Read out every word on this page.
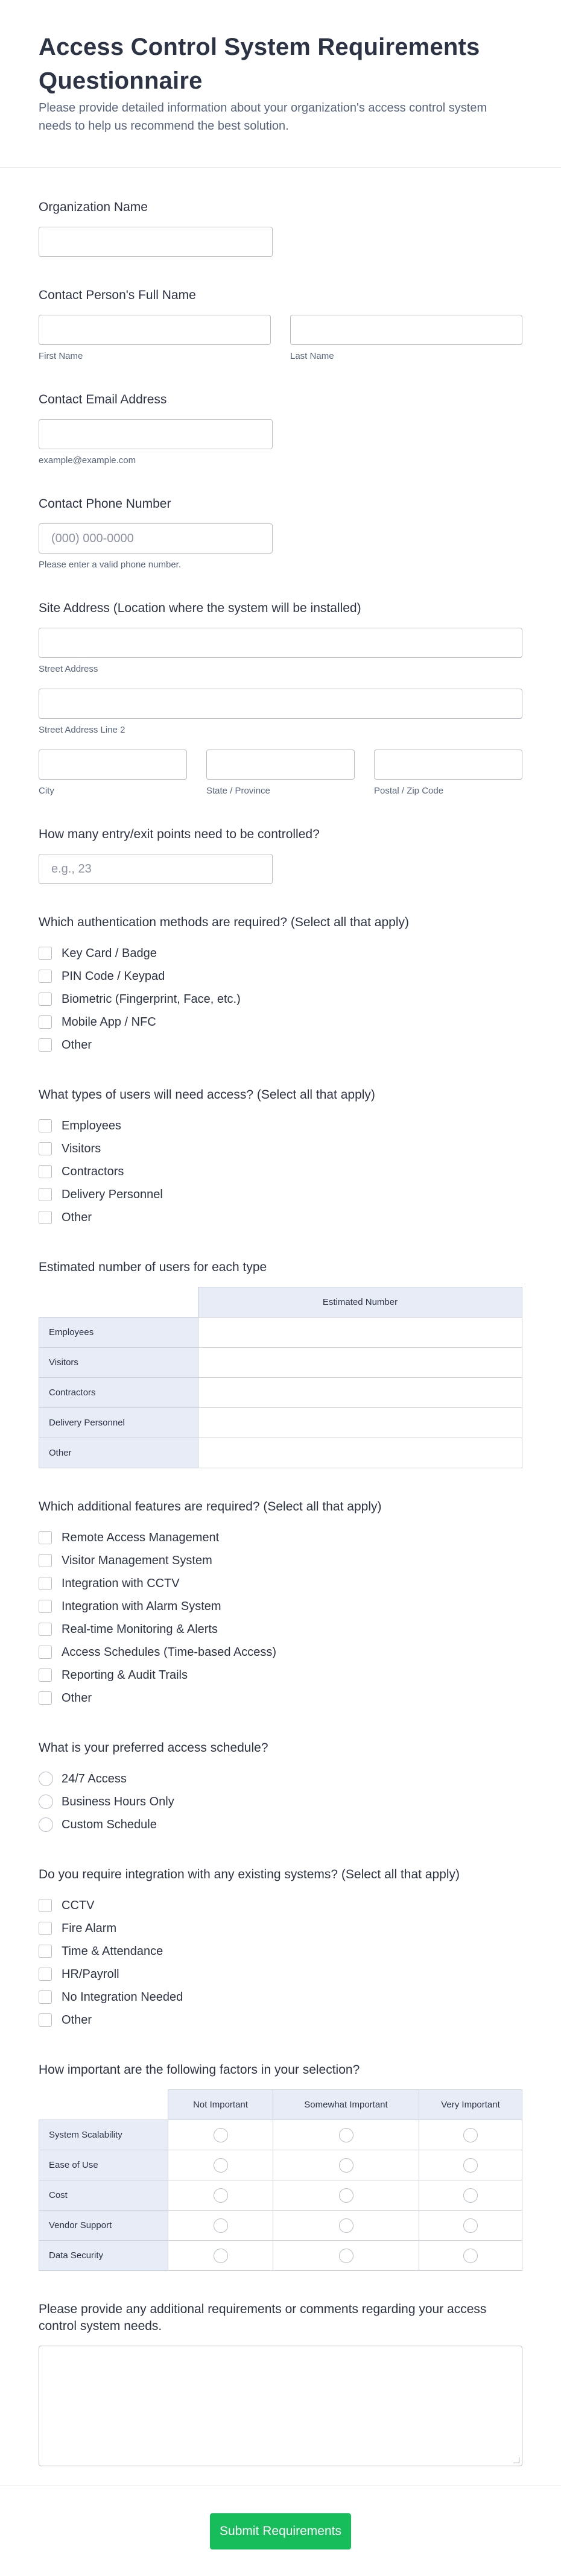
Access Control System Requirements Questionnaire

Please provide detailed information about your organization's access control system needs to help us recommend the best solution.

Organization Name
Contact Person's Full Name
First Name	Last Name
Contact Email Address
example@example.com
Contact Phone Number
(000) 000-0000
Please enter a valid phone number.
Site Address (Location where the system will be installed)
Street Address
Street Address Line 2
City	State / Province	Postal / Zip Code
How many entry/exit points need to be controlled?
e.g., 23
Which authentication methods are required? (Select all that apply)
Key Card / Badge
PIN Code / Keypad
Biometric (Fingerprint, Face, etc.)
Mobile App / NFC
Other
What types of users will need access? (Select all that apply)
Employees
Visitors
Contractors
Delivery Personnel
Other
Estimated number of users for each type
	Estimated Number
Employees	
Visitors	
Contractors	
Delivery Personnel	
Other	
Which additional features are required? (Select all that apply)
Remote Access Management
Visitor Management System
Integration with CCTV
Integration with Alarm System
Real-time Monitoring & Alerts
Access Schedules (Time-based Access)
Reporting & Audit Trails
Other
What is your preferred access schedule?
24/7 Access
Business Hours Only
Custom Schedule
Do you require integration with any existing systems? (Select all that apply)
CCTV
Fire Alarm
Time & Attendance
HR/Payroll
No Integration Needed
Other
How important are the following factors in your selection?
	Not Important	Somewhat Important	Very Important
System Scalability	

Ease of Use	

Cost	

Vendor Support	

Data Security	

Please provide any additional requirements or comments regarding your access control system needs.
Submit Requirements
